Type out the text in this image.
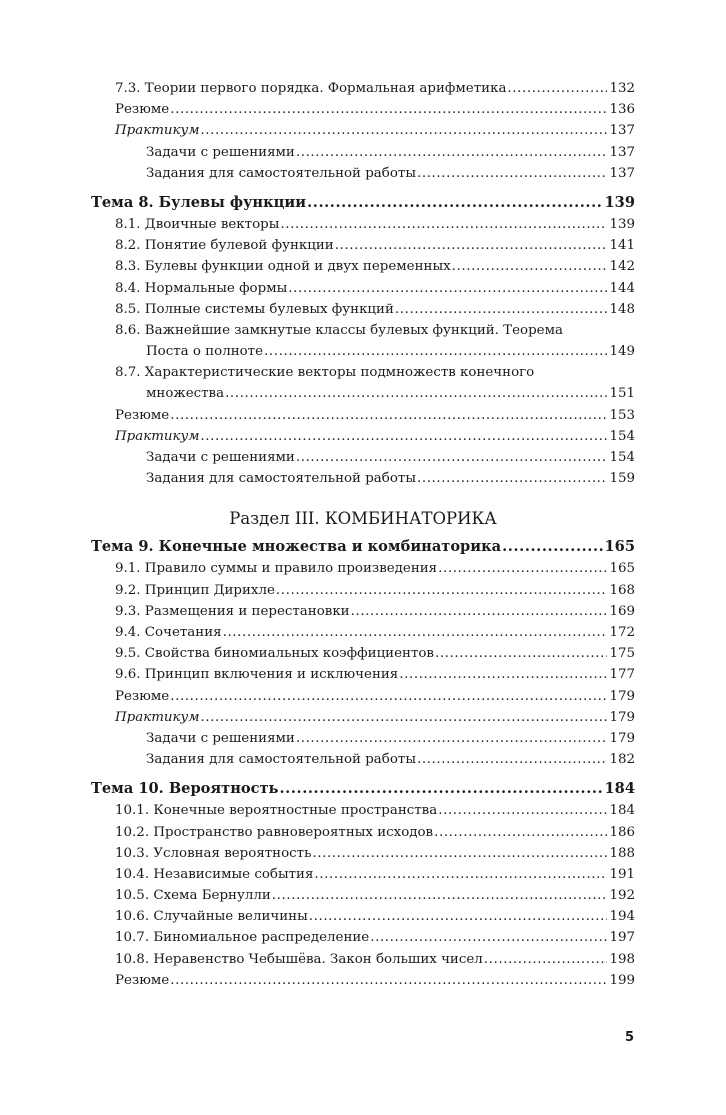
7.3. Теории первого порядка. Формальная арифметика .....	132
Резюме .....	136
Практикум .....	137
Задачи с решениями .....	137
Задания для самостоятельной работы .....	137
Тема 8. Булевы функции .....	139
8.1. Двоичные векторы .....	139
8.2. Понятие булевой функции .....	141
8.3. Булевы функции одной и двух переменных .....	142
8.4. Нормальные формы .....	144
8.5. Полные системы булевых функций .....	148
8.6. Важнейшие замкнутые классы булевых функций. Теорема
Поста о полноте .....	149
8.7. Характеристические векторы подмножеств конечного
множества .....	151
Резюме .....	153
Практикум .....	154
Задачи с решениями .....	154
Задания для самостоятельной работы .....	159
Раздел III. КОМБИНАТОРИКА
Тема 9. Конечные множества и комбинаторика .....	165
9.1. Правило суммы и правило произведения .....	165
9.2. Принцип Дирихле .....	168
9.3. Размещения и перестановки .....	169
9.4. Сочетания .....	172
9.5. Свойства биномиальных коэффициентов .....	175
9.6. Принцип включения и исключения .....	177
Резюме .....	179
Практикум .....	179
Задачи с решениями .....	179
Задания для самостоятельной работы .....	182
Тема 10. Вероятность .....	184
10.1. Конечные вероятностные пространства .....	184
10.2. Пространство равновероятных исходов .....	186
10.3. Условная вероятность .....	188
10.4. Независимые события .....	191
10.5. Схема Бернулли .....	192
10.6. Случайные величины .....	194
10.7. Биномиальное распределение .....	197
10.8. Неравенство Чебышёва. Закон больших чисел .....	198
Резюме .....	199
5
